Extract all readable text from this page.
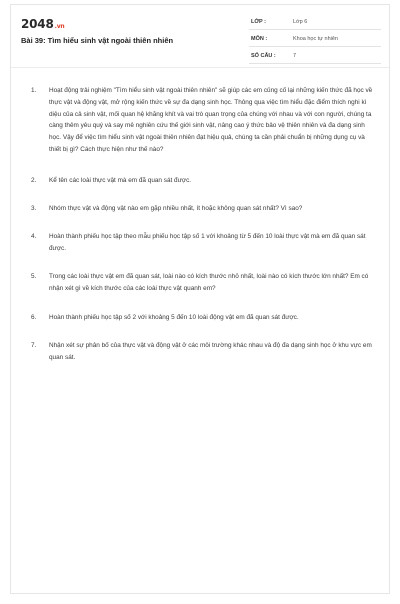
2048.vn
Bài 39: Tìm hiểu sinh vật ngoài thiên nhiên
LỚP :	Lớp 6
MÔN :	Khoa học tự nhiên
SỐ CÂU :	7
1. Hoạt động trải nghiệm "Tìm hiểu sinh vật ngoài thiên nhiên" sẽ giúp các em củng cố lại những kiến thức đã học về thực vật và động vật, mở rộng kiến thức về sự đa dạng sinh học. Thông qua việc tìm hiểu đặc điểm thích nghi kì diệu của cả sinh vật, mối quan hệ khăng khít và vai trò quan trọng của chúng với nhau và với con người, chúng ta càng thêm yêu quý và say mê nghiên cứu thế giới sinh vật, nâng cao ý thức bảo vệ thiên nhiên và đa dạng sinh học. Vậy để việc tìm hiểu sinh vật ngoài thiên nhiên đạt hiệu quả, chúng ta cần phải chuẩn bị những dụng cụ và thiết bị gì? Cách thực hiện như thế nào?
2. Kể tên các loài thực vật mà em đã quan sát được.
3. Nhóm thực vật và động vật nào em gặp nhiều nhất, ít hoặc không quan sát nhất? Vì sao?
4. Hoàn thành phiếu học tập theo mẫu phiếu học tập số 1 với khoảng từ 5 đến 10 loài thực vật mà em đã quan sát được.
5. Trong các loài thực vật em đã quan sát, loài nào có kích thước nhỏ nhất, loài nào có kích thước lớn nhất? Em có nhận xét gì về kích thước của các loài thực vật quanh em?
6. Hoàn thành phiếu học tập số 2 với khoảng 5 đến 10 loài động vật em đã quan sát được.
7. Nhận xét sự phân bố của thực vật và động vật ở các môi trường khác nhau và độ đa dạng sinh học ở khu vực em quan sát.
